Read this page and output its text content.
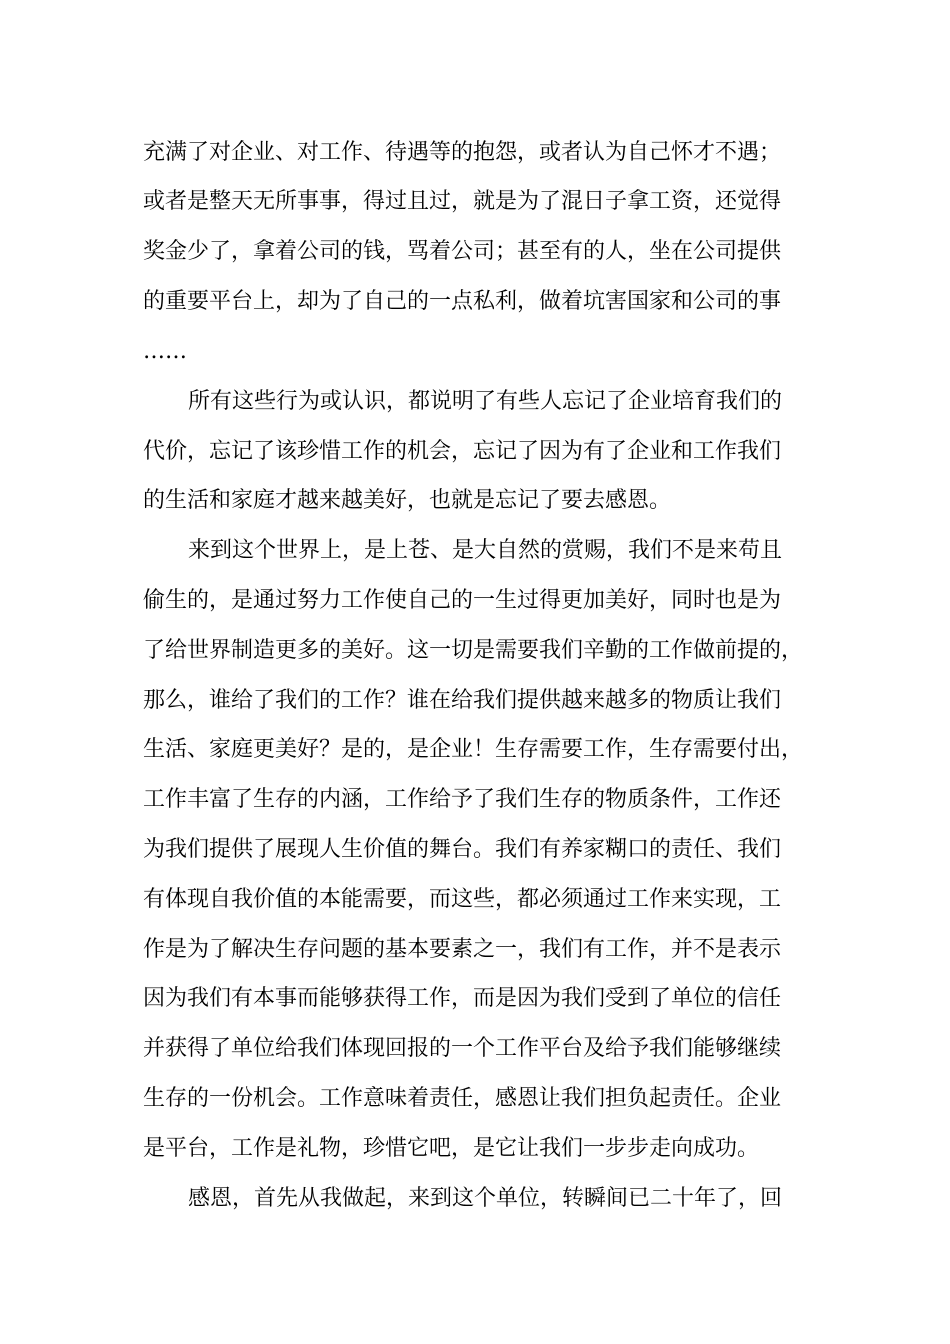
充满了对企业、对工作、待遇等的抱怨，或者认为自己怀才不遇；
或者是整天无所事事，得过且过，就是为了混日子拿工资，还觉得
奖金少了，拿着公司的钱，骂着公司；甚至有的人，坐在公司提供
的重要平台上，却为了自己的一点私利，做着坑害国家和公司的事
……
所有这些行为或认识，都说明了有些人忘记了企业培育我们的
代价，忘记了该珍惜工作的机会，忘记了因为有了企业和工作我们
的生活和家庭才越来越美好，也就是忘记了要去感恩。
来到这个世界上，是上苍、是大自然的赏赐，我们不是来苟且
偷生的，是通过努力工作使自己的一生过得更加美好，同时也是为
了给世界制造更多的美好。这一切是需要我们辛勤的工作做前提的，
那么，谁给了我们的工作？谁在给我们提供越来越多的物质让我们
生活、家庭更美好？是的，是企业！生存需要工作，生存需要付出，
工作丰富了生存的内涵，工作给予了我们生存的物质条件，工作还
为我们提供了展现人生价值的舞台。我们有养家糊口的责任、我们
有体现自我价值的本能需要，而这些，都必须通过工作来实现，工
作是为了解决生存问题的基本要素之一，我们有工作，并不是表示
因为我们有本事而能够获得工作，而是因为我们受到了单位的信任
并获得了单位给我们体现回报的一个工作平台及给予我们能够继续
生存的一份机会。工作意味着责任，感恩让我们担负起责任。企业
是平台，工作是礼物，珍惜它吧，是它让我们一步步走向成功。
感恩，首先从我做起，来到这个单位，转瞬间已二十年了，回
